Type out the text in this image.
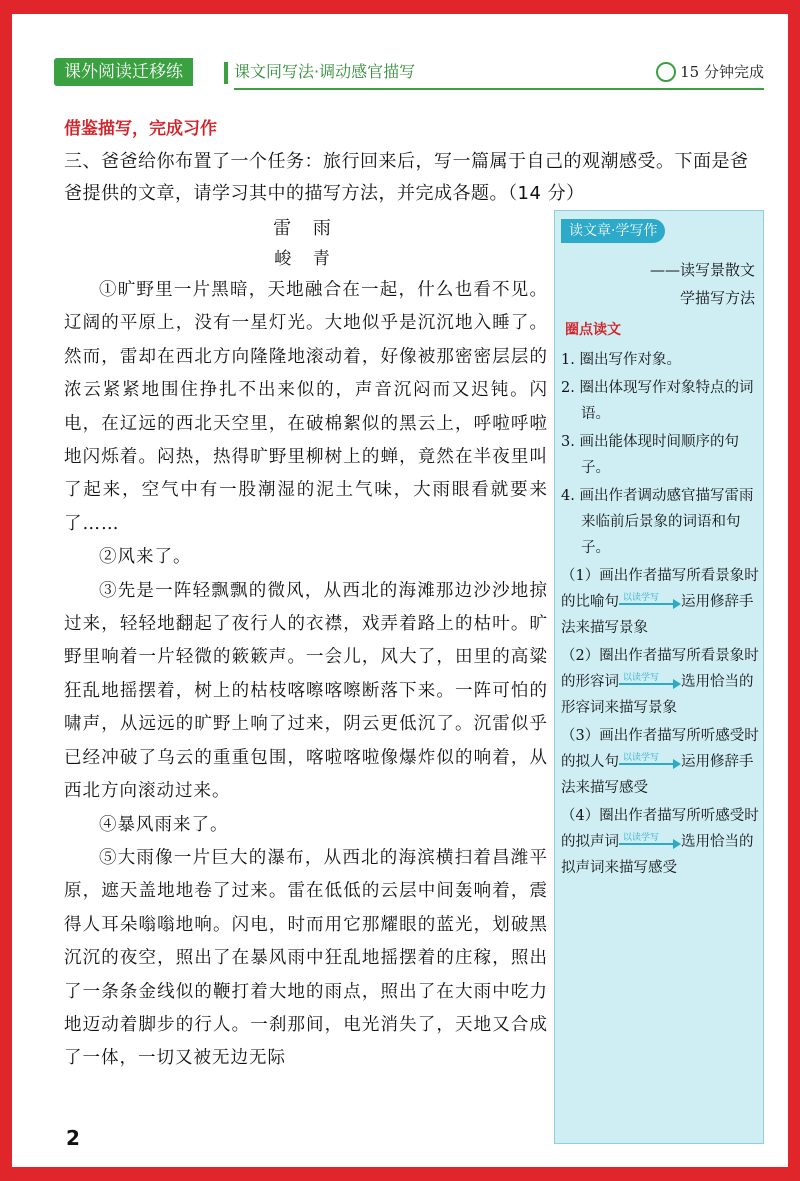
课外阅读迁移练	课文同写法·调动感官描写	15 分钟完成
借鉴描写，完成习作
三、爸爸给你布置了一个任务：旅行回来后，写一篇属于自己的观潮感受。下面是爸爸提供的文章，请学习其中的描写方法，并完成各题。（14 分）
雷 雨
峻 青

①旷野里一片黑暗，天地融合在一起，什么也看不见。辽阔的平原上，没有一星灯光。大地似乎是沉沉地入睡了。然而，雷却在西北方向隆隆地滚动着，好像被那密密层层的浓云紧紧地围住挣扎不出来似的，声音沉闷而又迟钝。闪电，在辽远的西北天空里，在破棉絮似的黑云上，呼啦呼啦地闪烁着。闷热，热得旷野里柳树上的蝉，竟然在半夜里叫了起来，空气中有一股潮湿的泥土气味，大雨眼看就要来了……

②风来了。

③先是一阵轻飘飘的微风，从西北的海滩那边沙沙地掠过来，轻轻地翻起了夜行人的衣襟，戏弄着路上的枯叶。旷野里响着一片轻微的簌簌声。一会儿，风大了，田里的高粱狂乱地摇摆着，树上的枯枝喀嚓喀嚓断落下来。一阵可怕的啸声，从远远的旷野上响了过来，阴云更低沉了。沉雷似乎已经冲破了乌云的重重包围，喀啦喀啦像爆炸似的响着，从西北方向滚动过来。

④暴风雨来了。

⑤大雨像一片巨大的瀑布，从西北的海滨横扫着昌潍平原，遮天盖地地卷了过来。雷在低低的云层中间轰响着，震得人耳朵嗡嗡地响。闪电，时而用它那耀眼的蓝光，划破黑沉沉的夜空，照出了在暴风雨中狂乱地摇摆着的庄稼，照出了一条条金线似的鞭打着大地的雨点，照出了在大雨中吃力地迈动着脚步的行人。一刹那间，电光消失了，天地又合成了一体，一切又被无边无际

读文章·学写作
——读写景散文
学描写方法
圈点读文
1. 圈出写作对象。
2. 圈出体现写作对象特点的词语。
3. 画出能体现时间顺序的句子。
4. 画出作者调动感官描写雷雨来临前后景象的词语和句子。
（1）画出作者描写所看景象时的比喻句 以读学写 运用修辞手法来描写景象
（2）圈出作者描写所看景象时的形容词 以读学写 选用恰当的形容词来描写景象
（3）画出作者描写所听感受时的拟人句 以读学写 运用修辞手法来描写感受
（4）圈出作者描写所听感受时的拟声词 以读学写 选用恰当的拟声词来描写感受
2
